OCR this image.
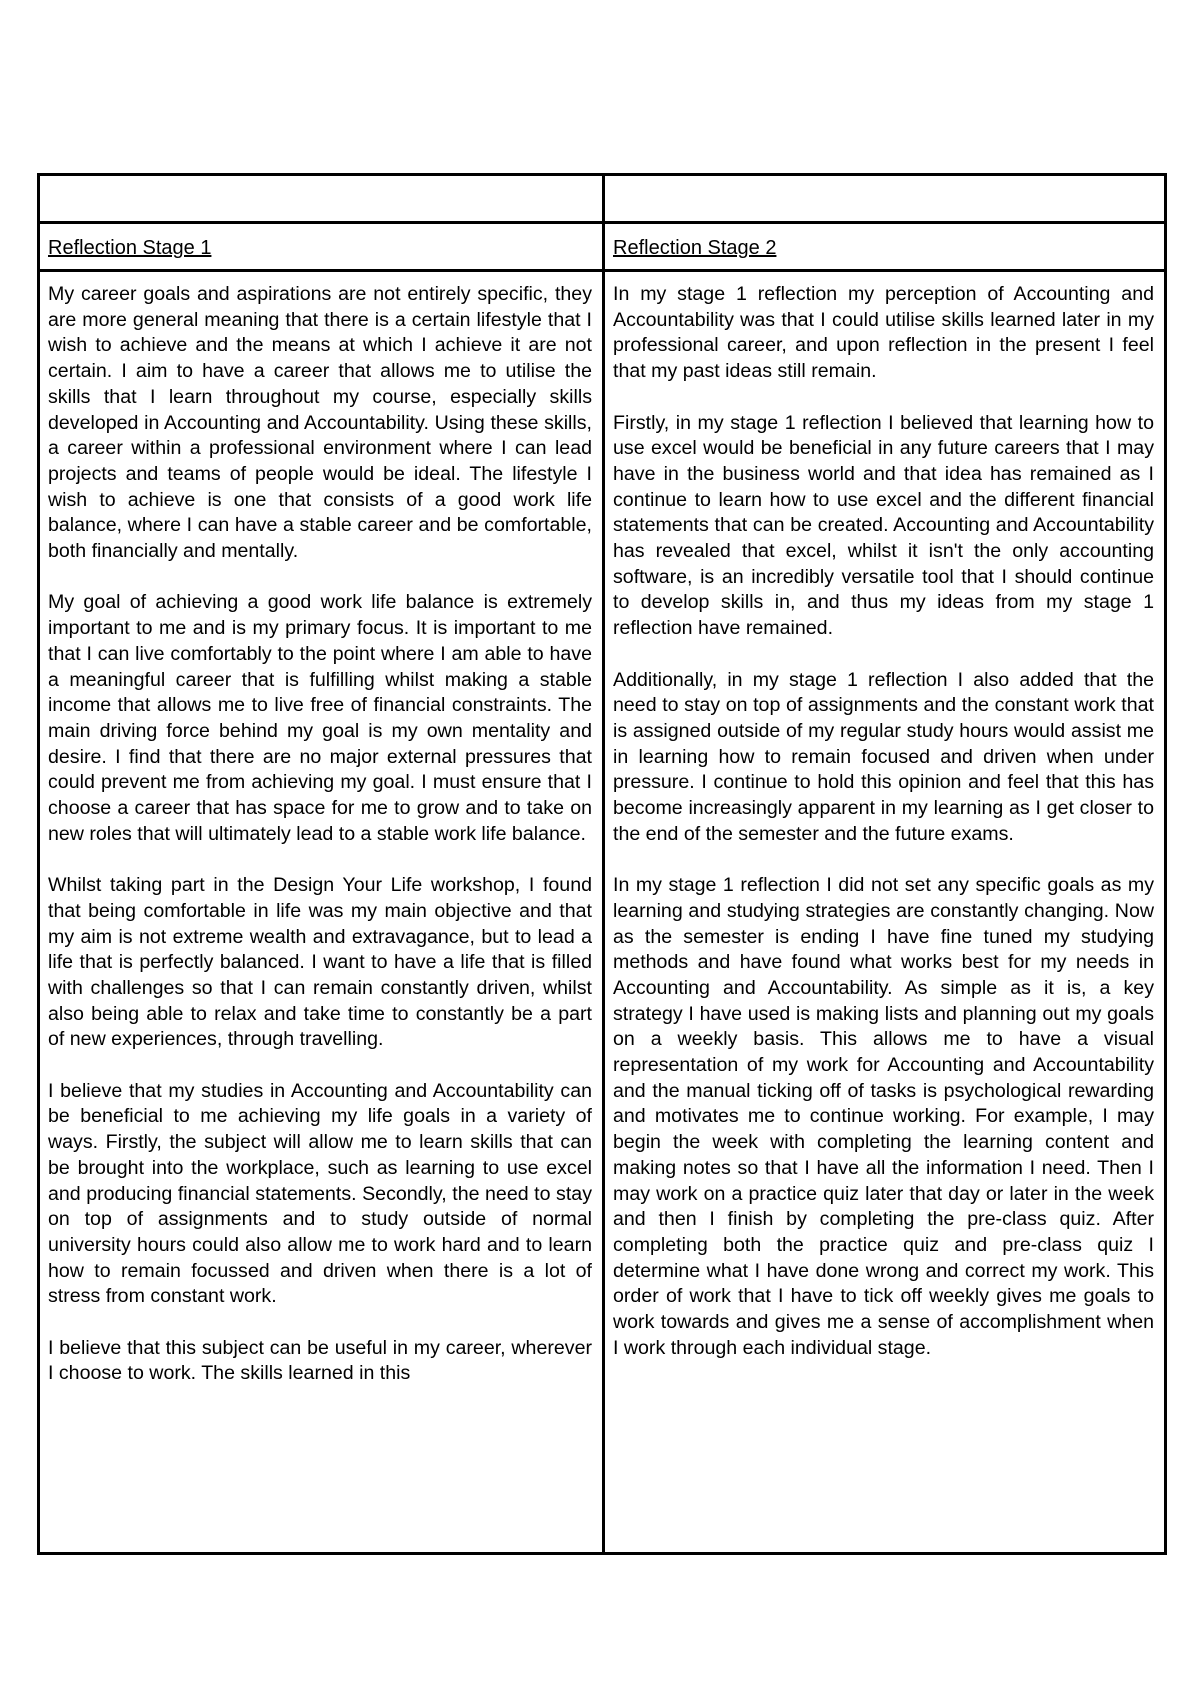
Reflection Stage 1	Reflection Stage 2

My career goals and aspirations are not entirely specific, they are more general meaning that there is a certain lifestyle that I wish to achieve and the means at which I achieve it are not certain. I aim to have a career that allows me to utilise the skills that I learn throughout my course, especially skills developed in Accounting and Accountability. Using these skills, a career within a professional environment where I can lead projects and teams of people would be ideal. The lifestyle I wish to achieve is one that consists of a good work life balance, where I can have a stable career and be comfortable, both financially and mentally.

My goal of achieving a good work life balance is extremely important to me and is my primary focus. It is important to me that I can live comfortably to the point where I am able to have a meaningful career that is fulfilling whilst making a stable income that allows me to live free of financial constraints. The main driving force behind my goal is my own mentality and desire. I find that there are no major external pressures that could prevent me from achieving my goal. I must ensure that I choose a career that has space for me to grow and to take on new roles that will ultimately lead to a stable work life balance.

Whilst taking part in the Design Your Life workshop, I found that being comfortable in life was my main objective and that my aim is not extreme wealth and extravagance, but to lead a life that is perfectly balanced. I want to have a life that is filled with challenges so that I can remain constantly driven, whilst also being able to relax and take time to constantly be a part of new experiences, through travelling.

I believe that my studies in Accounting and Accountability can be beneficial to me achieving my life goals in a variety of ways. Firstly, the subject will allow me to learn skills that can be brought into the workplace, such as learning to use excel and producing financial statements. Secondly, the need to stay on top of assignments and to study outside of normal university hours could also allow me to work hard and to learn how to remain focussed and driven when there is a lot of stress from constant work.

I believe that this subject can be useful in my career, wherever I choose to work. The skills learned in this

In my stage 1 reflection my perception of Accounting and Accountability was that I could utilise skills learned later in my professional career, and upon reflection in the present I feel that my past ideas still remain.

Firstly, in my stage 1 reflection I believed that learning how to use excel would be beneficial in any future careers that I may have in the business world and that idea has remained as I continue to learn how to use excel and the different financial statements that can be created. Accounting and Accountability has revealed that excel, whilst it isn't the only accounting software, is an incredibly versatile tool that I should continue to develop skills in, and thus my ideas from my stage 1 reflection have remained.

Additionally, in my stage 1 reflection I also added that the need to stay on top of assignments and the constant work that is assigned outside of my regular study hours would assist me in learning how to remain focused and driven when under pressure. I continue to hold this opinion and feel that this has become increasingly apparent in my learning as I get closer to the end of the semester and the future exams.

In my stage 1 reflection I did not set any specific goals as my learning and studying strategies are constantly changing. Now as the semester is ending I have fine tuned my studying methods and have found what works best for my needs in Accounting and Accountability. As simple as it is, a key strategy I have used is making lists and planning out my goals on a weekly basis. This allows me to have a visual representation of my work for Accounting and Accountability and the manual ticking off of tasks is psychological rewarding and motivates me to continue working. For example, I may begin the week with completing the learning content and making notes so that I have all the information I need. Then I may work on a practice quiz later that day or later in the week and then I finish by completing the pre-class quiz. After completing both the practice quiz and pre-class quiz I determine what I have done wrong and correct my work. This order of work that I have to tick off weekly gives me goals to work towards and gives me a sense of accomplishment when I work through each individual stage.
